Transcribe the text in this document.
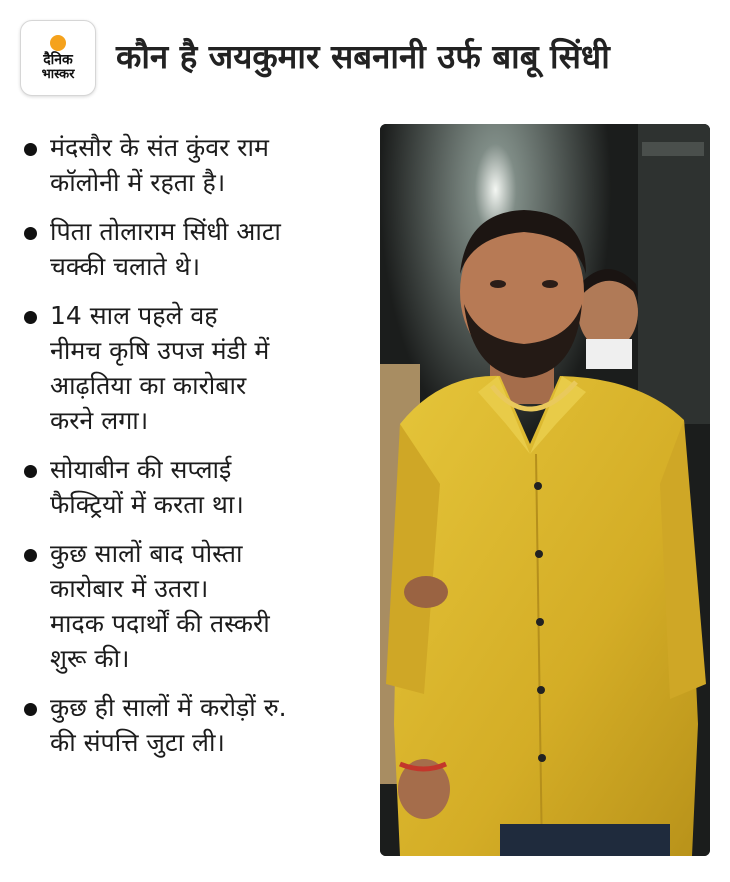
दैनिक
भास्कर कौन है जयकुमार सबनानी उर्फ बाबू सिंधी
मंदसौर के संत कुंवर राम
कॉलोनी में रहता है।
पिता तोलाराम सिंधी आटा
चक्की चलाते थे।
14 साल पहले वह
नीमच कृषि उपज मंडी में
आढ़तिया का कारोबार
करने लगा।
सोयाबीन की सप्लाई
फैक्ट्रियों में करता था।
कुछ सालों बाद पोस्ता
कारोबार में उतरा।
मादक पदार्थों की तस्करी
शुरू की।
कुछ ही सालों में करोड़ों रु.
की संपत्ति जुटा ली।
